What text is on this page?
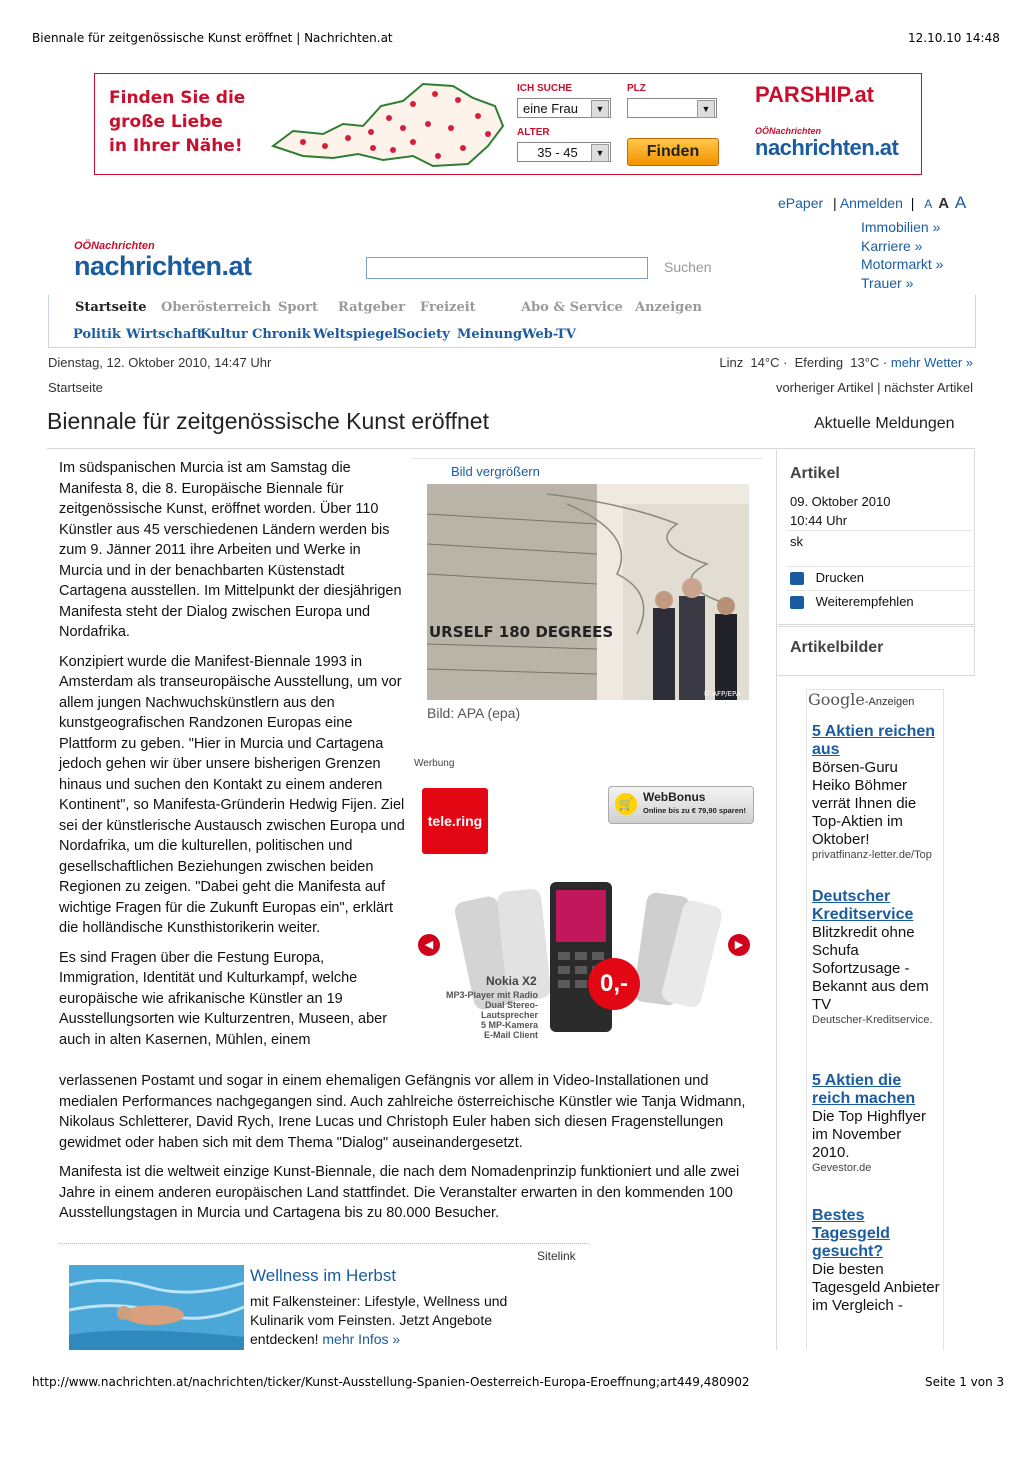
Biennale für zeitgenössische Kunst eröffnet | Nachrichten.at	12.10.10 14:48
Finden Sie die
große Liebe
in Ihrer Nähe!
ICH SUCHE
eine Frau	▼
PLZ
▼
ALTER
35 - 45	▼	Finden
PARSHIP.at
OÖNachrichten
nachrichten.at
ePaper | Anmelden | A A A
OÖNachrichten
nachrichten.at	Suchen
Immobilien »
Karriere »
Motormarkt »
Trauer »
Startseite Oberösterreich Sport Ratgeber Freizeit	Abo & Service Anzeigen
Politik Wirtschaft
Kultur Chronik Weltspiegel Society Meinung Web-TV
Dienstag, 12. Oktober 2010, 14:47 Uhr	Linz  14°C ·  Eferding  13°C · mehr Wetter »
Startseite	vorheriger Artikel | nächster Artikel
Biennale für zeitgenössische Kunst eröffnet	Aktuelle Meldungen

Im südspanischen Murcia ist am Samstag die Manifesta 8, die 8. Europäische Biennale für zeitgenössische Kunst, eröffnet worden. Über 110 Künstler aus 45 verschiedenen Ländern werden bis zum 9. Jänner 2011 ihre Arbeiten und Werke in Murcia und in der benachbarten Küstenstadt Cartagena ausstellen. Im Mittelpunkt der diesjährigen Manifesta steht der Dialog zwischen Europa und Nordafrika.

Konzipiert wurde die Manifest-Biennale 1993 in Amsterdam als transeuropäische Ausstellung, um vor allem jungen Nachwuchskünstlern aus den kunstgeografischen Randzonen Europas eine Plattform zu geben. "Hier in Murcia und Cartagena jedoch gehen wir über unsere bisherigen Grenzen hinaus und suchen den Kontakt zu einem anderen Kontinent", so Manifesta-Gründerin Hedwig Fijen. Ziel sei der künstlerische Austausch zwischen Europa und Nordafrika, um die kulturellen, politischen und gesellschaftlichen Beziehungen zwischen beiden Regionen zu zeigen. "Dabei geht die Manifesta auf wichtige Fragen für die Zukunft Europas ein", erklärt die holländische Kunsthistorikerin weiter.

Es sind Fragen über die Festung Europa, Immigration, Identität und Kulturkampf, welche europäische wie afrikanische Künstler an 19 Ausstellungsorten wie Kulturzentren, Museen, aber auch in alten Kasernen, Mühlen, einem

verlassenen Postamt und sogar in einem ehemaligen Gefängnis vor allem in Video-Installationen und medialen Performances nachgegangen sind. Auch zahlreiche österreichische Künstler wie Tanja Widmann, Nikolaus Schletterer, David Rych, Irene Lucas und Christoph Euler haben sich diesen Fragenstellungen gewidmet oder haben sich mit dem Thema "Dialog" auseinandergesetzt.

Manifesta ist die weltweit einzige Kunst-Biennale, die nach dem Nomadenprinzip funktioniert und alle zwei Jahre in einem anderen europäischen Land stattfindet. Die Veranstalter erwarten in den kommenden 100 Ausstellungstagen in Murcia und Cartagena bis zu 80.000 Besucher.

Bild vergrößern
URSELF 180 DEGREES
© AFP/EPA
Bild: APA (epa)
Werbung
tele.ring
🛒 WebBonus
Online bis zu € 79,90 sparen!
◀	▶
Nokia X2
MP3-Player mit Radio
Dual Stereo-Lautsprecher
5 MP-Kamera
E-Mail Client
0,-
Artikel
09. Oktober 2010
10:44 Uhr
sk
Drucken
Weiterempfehlen
Artikelbilder
Google-Anzeigen
5 Aktien reichen aus
Börsen-Guru Heiko Böhmer verrät Ihnen die Top-Aktien im Oktober!
privatfinanz-letter.de/Top
Deutscher Kreditservice
Blitzkredit ohne Schufa Sofortzusage - Bekannt aus dem TV
Deutscher-Kreditservice.
5 Aktien die reich machen
Die Top Highflyer im November 2010.
Gevestor.de
Bestes Tagesgeld gesucht?
Die besten Tagesgeld Anbieter im Vergleich -
Sitelink
Wellness im Herbst
mit Falkensteiner: Lifestyle, Wellness und Kulinarik vom Feinsten. Jetzt Angebote entdecken! mehr Infos »
http://www.nachrichten.at/nachrichten/ticker/Kunst-Ausstellung-Spanien-Oesterreich-Europa-Eroeffnung;art449,480902	Seite 1 von 3
